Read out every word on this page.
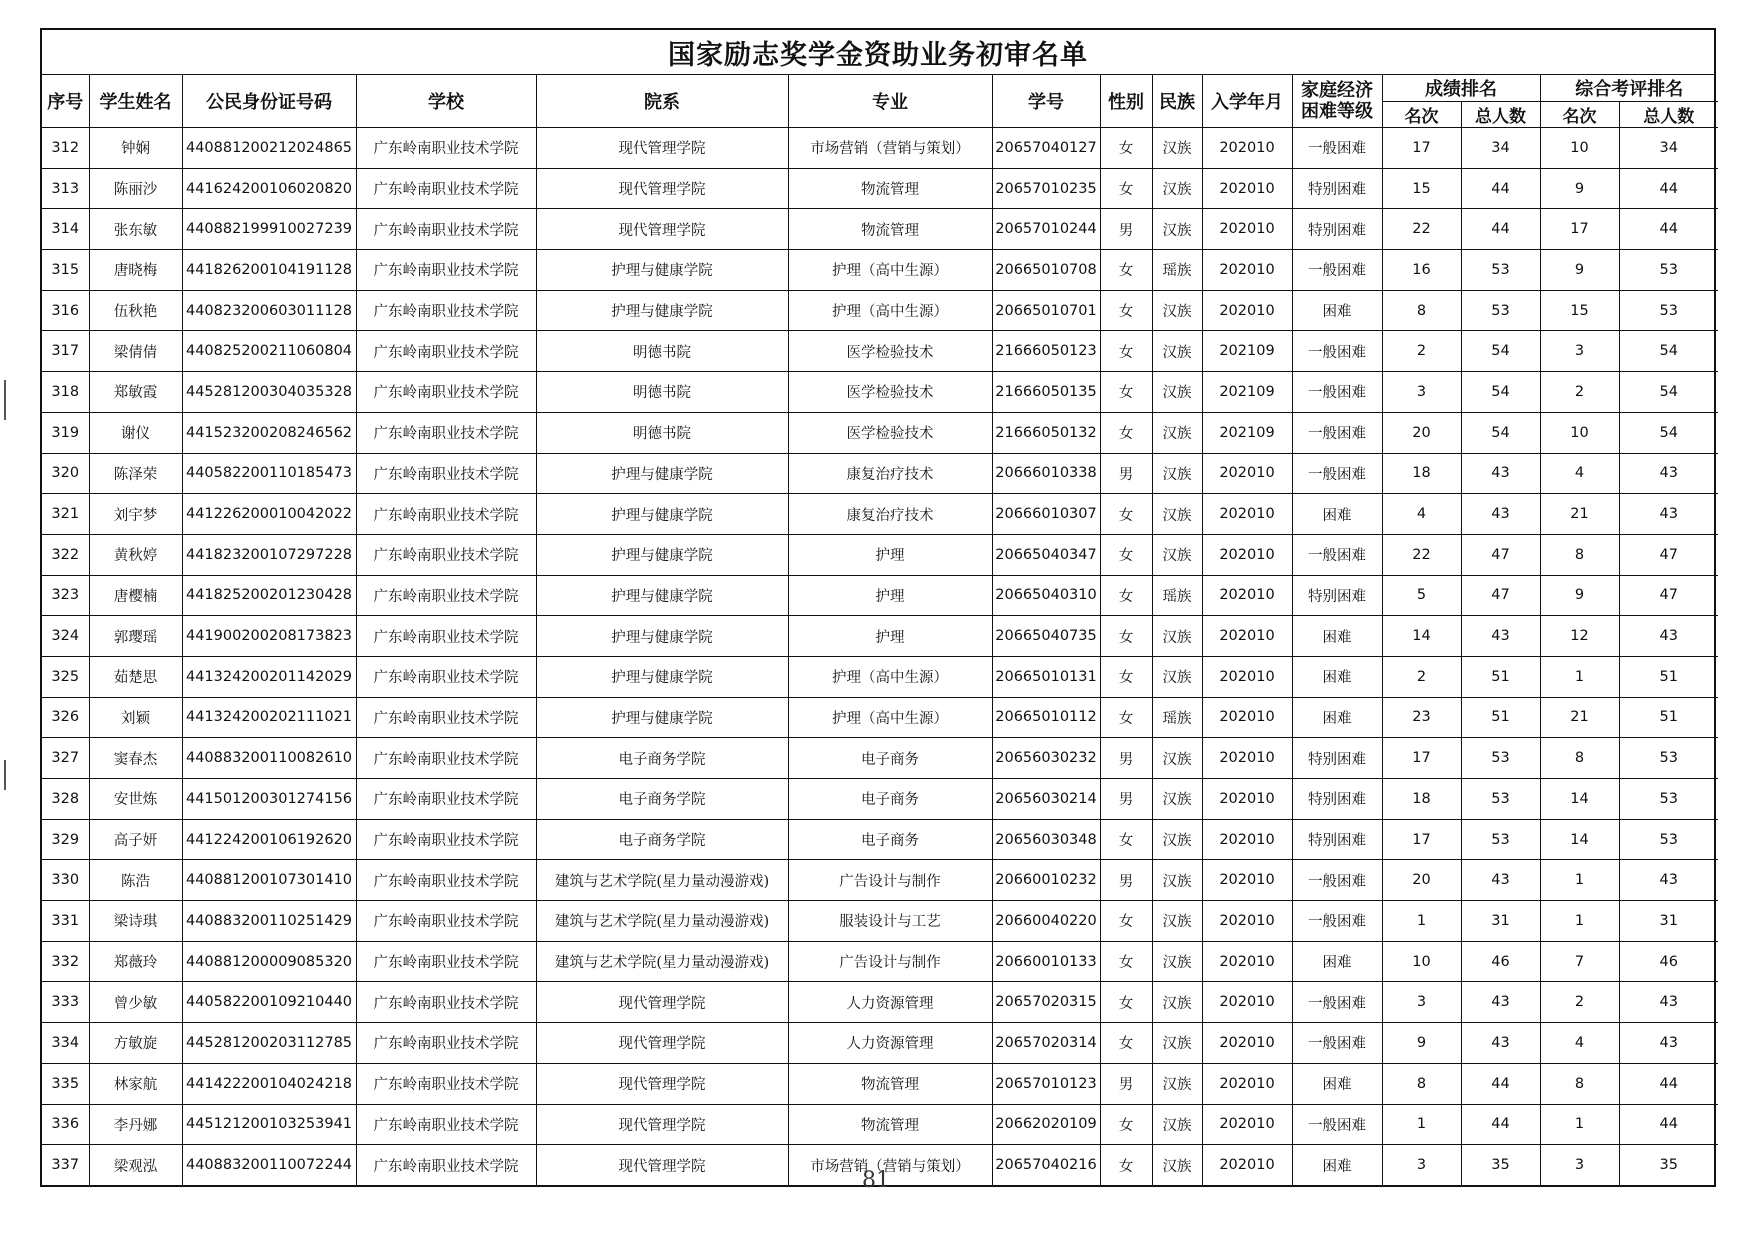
国家励志奖学金资助业务初审名单
序号	学生姓名	公民身份证号码	学校	院系	专业	学号	性别	民族	入学年月	家庭经济
困难等级	成绩排名		综合考评排名	
											名次	总人数	名次	总人数
312	钟娴	440881200212024865	广东岭南职业技术学院	现代管理学院	市场营销（营销与策划）	20657040127	女	汉族	202010	一般困难	17	34	10	34
313	陈丽沙	441624200106020820	广东岭南职业技术学院	现代管理学院	物流管理	20657010235	女	汉族	202010	特别困难	15	44	9	44
314	张东敏	440882199910027239	广东岭南职业技术学院	现代管理学院	物流管理	20657010244	男	汉族	202010	特别困难	22	44	17	44
315	唐晓梅	441826200104191128	广东岭南职业技术学院	护理与健康学院	护理（高中生源）	20665010708	女	瑶族	202010	一般困难	16	53	9	53
316	伍秋艳	440823200603011128	广东岭南职业技术学院	护理与健康学院	护理（高中生源）	20665010701	女	汉族	202010	困难	8	53	15	53
317	梁倩倩	440825200211060804	广东岭南职业技术学院	明德书院	医学检验技术	21666050123	女	汉族	202109	一般困难	2	54	3	54
318	郑敏霞	445281200304035328	广东岭南职业技术学院	明德书院	医学检验技术	21666050135	女	汉族	202109	一般困难	3	54	2	54
319	谢仪	441523200208246562	广东岭南职业技术学院	明德书院	医学检验技术	21666050132	女	汉族	202109	一般困难	20	54	10	54
320	陈泽荣	440582200110185473	广东岭南职业技术学院	护理与健康学院	康复治疗技术	20666010338	男	汉族	202010	一般困难	18	43	4	43
321	刘宇梦	441226200010042022	广东岭南职业技术学院	护理与健康学院	康复治疗技术	20666010307	女	汉族	202010	困难	4	43	21	43
322	黄秋婷	441823200107297228	广东岭南职业技术学院	护理与健康学院	护理	20665040347	女	汉族	202010	一般困难	22	47	8	47
323	唐樱楠	441825200201230428	广东岭南职业技术学院	护理与健康学院	护理	20665040310	女	瑶族	202010	特别困难	5	47	9	47
324	郭璎瑶	441900200208173823	广东岭南职业技术学院	护理与健康学院	护理	20665040735	女	汉族	202010	困难	14	43	12	43
325	茹楚思	441324200201142029	广东岭南职业技术学院	护理与健康学院	护理（高中生源）	20665010131	女	汉族	202010	困难	2	51	1	51
326	刘颖	441324200202111021	广东岭南职业技术学院	护理与健康学院	护理（高中生源）	20665010112	女	瑶族	202010	困难	23	51	21	51
327	窦春杰	440883200110082610	广东岭南职业技术学院	电子商务学院	电子商务	20656030232	男	汉族	202010	特别困难	17	53	8	53
328	安世炼	441501200301274156	广东岭南职业技术学院	电子商务学院	电子商务	20656030214	男	汉族	202010	特别困难	18	53	14	53
329	高子妍	441224200106192620	广东岭南职业技术学院	电子商务学院	电子商务	20656030348	女	汉族	202010	特别困难	17	53	14	53
330	陈浩	440881200107301410	广东岭南职业技术学院	建筑与艺术学院(星力量动漫游戏)	广告设计与制作	20660010232	男	汉族	202010	一般困难	20	43	1	43
331	梁诗琪	440883200110251429	广东岭南职业技术学院	建筑与艺术学院(星力量动漫游戏)	服装设计与工艺	20660040220	女	汉族	202010	一般困难	1	31	1	31
332	郑薇玲	440881200009085320	广东岭南职业技术学院	建筑与艺术学院(星力量动漫游戏)	广告设计与制作	20660010133	女	汉族	202010	困难	10	46	7	46
333	曾少敏	440582200109210440	广东岭南职业技术学院	现代管理学院	人力资源管理	20657020315	女	汉族	202010	一般困难	3	43	2	43
334	方敏旋	445281200203112785	广东岭南职业技术学院	现代管理学院	人力资源管理	20657020314	女	汉族	202010	一般困难	9	43	4	43
335	林家航	441422200104024218	广东岭南职业技术学院	现代管理学院	物流管理	20657010123	男	汉族	202010	困难	8	44	8	44
336	李丹娜	445121200103253941	广东岭南职业技术学院	现代管理学院	物流管理	20662020109	女	汉族	202010	一般困难	1	44	1	44
337	梁观泓	440883200110072244	广东岭南职业技术学院	现代管理学院	市场营销（营销与策划）	20657040216	女	汉族	202010	困难	3	35	3	35
81
